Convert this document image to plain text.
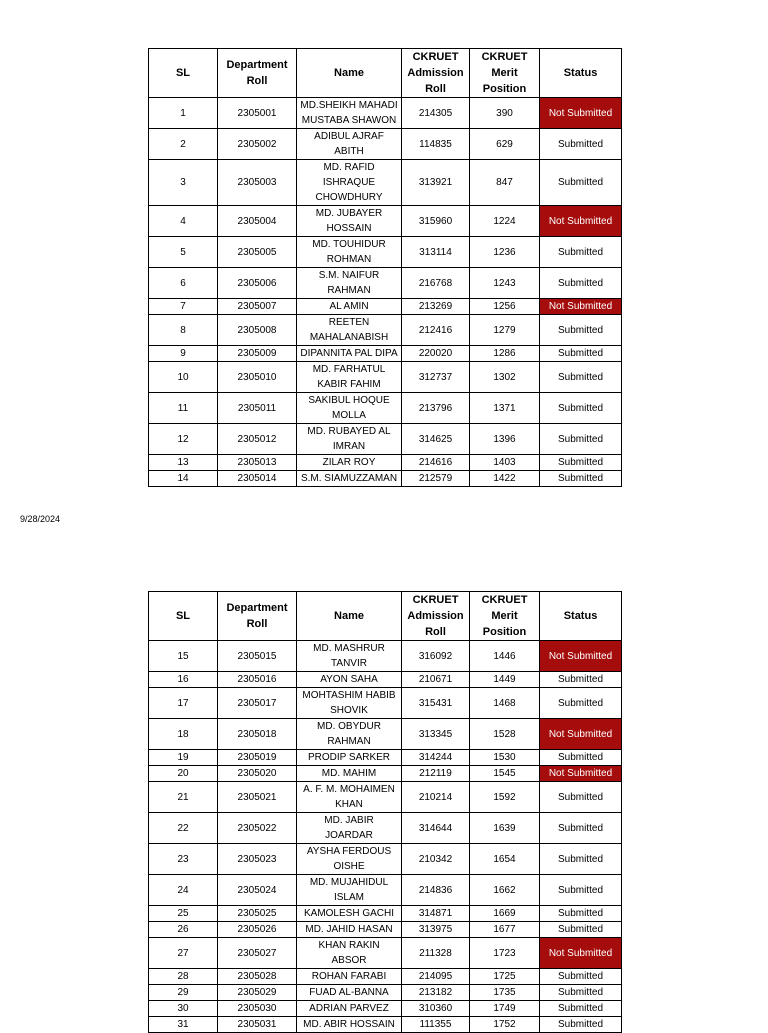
SL	Department Roll	Name	CKRUET Admission Roll	CKRUET Merit Position	Status
1	2305001	MD.SHEIKH MAHADI MUSTABA SHAWON	214305	390	Not Submitted
2	2305002	ADIBUL AJRAF ABITH	114835	629	Submitted
3	2305003	MD. RAFID ISHRAQUE CHOWDHURY	313921	847	Submitted
4	2305004	MD. JUBAYER HOSSAIN	315960	1224	Not Submitted
5	2305005	MD. TOUHIDUR ROHMAN	313114	1236	Submitted
6	2305006	S.M. NAIFUR RAHMAN	216768	1243	Submitted
7	2305007	AL AMIN	213269	1256	Not Submitted
8	2305008	REETEN MAHALANABISH	212416	1279	Submitted
9	2305009	DIPANNITA PAL DIPA	220020	1286	Submitted
10	2305010	MD. FARHATUL KABIR FAHIM	312737	1302	Submitted
11	2305011	SAKIBUL HOQUE MOLLA	213796	1371	Submitted
12	2305012	MD. RUBAYED AL IMRAN	314625	1396	Submitted
13	2305013	ZILAR ROY	214616	1403	Submitted
14	2305014	S.M. SIAMUZZAMAN	212579	1422	Submitted
9/28/2024
SL	Department Roll	Name	CKRUET Admission Roll	CKRUET Merit Position	Status
15	2305015	MD. MASHRUR TANVIR	316092	1446	Not Submitted
16	2305016	AYON SAHA	210671	1449	Submitted
17	2305017	MOHTASHIM HABIB SHOVIK	315431	1468	Submitted
18	2305018	MD. OBYDUR RAHMAN	313345	1528	Not Submitted
19	2305019	PRODIP SARKER	314244	1530	Submitted
20	2305020	MD. MAHIM	212119	1545	Not Submitted
21	2305021	A. F. M. MOHAIMEN KHAN	210214	1592	Submitted
22	2305022	MD. JABIR JOARDAR	314644	1639	Submitted
23	2305023	AYSHA FERDOUS OISHE	210342	1654	Submitted
24	2305024	MD. MUJAHIDUL ISLAM	214836	1662	Submitted
25	2305025	KAMOLESH GACHI	314871	1669	Submitted
26	2305026	MD. JAHID HASAN	313975	1677	Submitted
27	2305027	KHAN RAKIN ABSOR	211328	1723	Not Submitted
28	2305028	ROHAN FARABI	214095	1725	Submitted
29	2305029	FUAD AL-BANNA	213182	1735	Submitted
30	2305030	ADRIAN PARVEZ	310360	1749	Submitted
31	2305031	MD. ABIR HOSSAIN	111355	1752	Submitted
